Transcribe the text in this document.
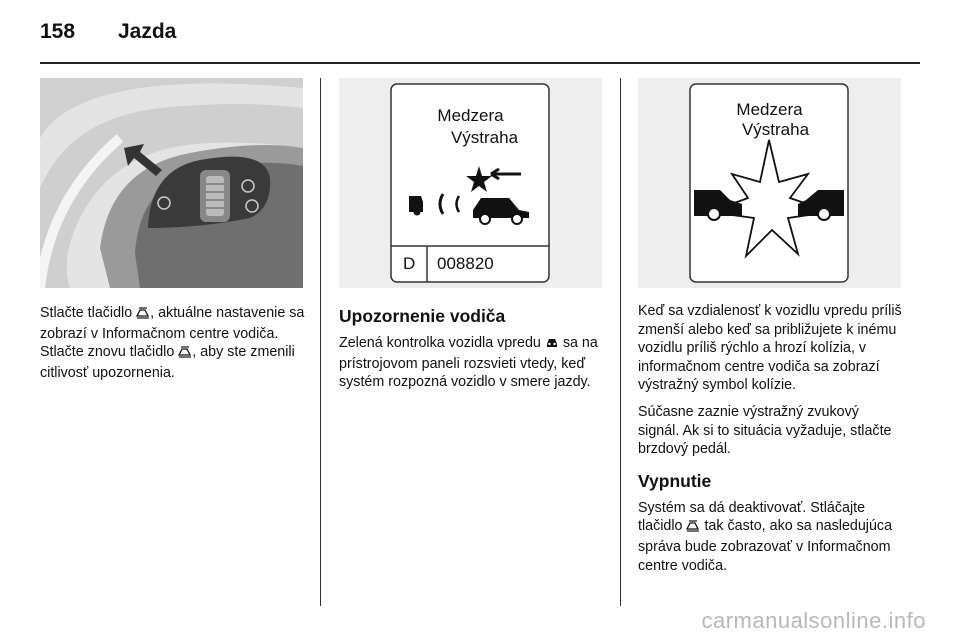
158 Jazda
Medzera
Výstraha
D 008820
Medzera
Výstraha

Stlačte tlačidlo , aktuálne nastavenie sa zobrazí v Informačnom centre vodiča. Stlačte znovu tlačidlo , aby ste zmenili citlivosť upozornenia.

Upozornenie vodiča

Zelená kontrolka vozidla vpredu  sa na prístrojovom paneli rozsvieti vtedy, keď systém rozpozná vozidlo v smere jazdy.

Keď sa vzdialenosť k vozidlu vpredu príliš zmenší alebo keď sa približujete k inému vozidlu príliš rýchlo a hrozí kolízia, v informačnom centre vodiča sa zobrazí výstražný symbol kolízie.

Súčasne zaznie výstražný zvukový signál. Ak si to situácia vyžaduje, stlačte brzdový pedál.

Vypnutie

Systém sa dá deaktivovať. Stláčajte tlačidlo  tak často, ako sa nasledujúca správa bude zobrazovať v Informačnom centre vodiča.

carmanualsonline.info
